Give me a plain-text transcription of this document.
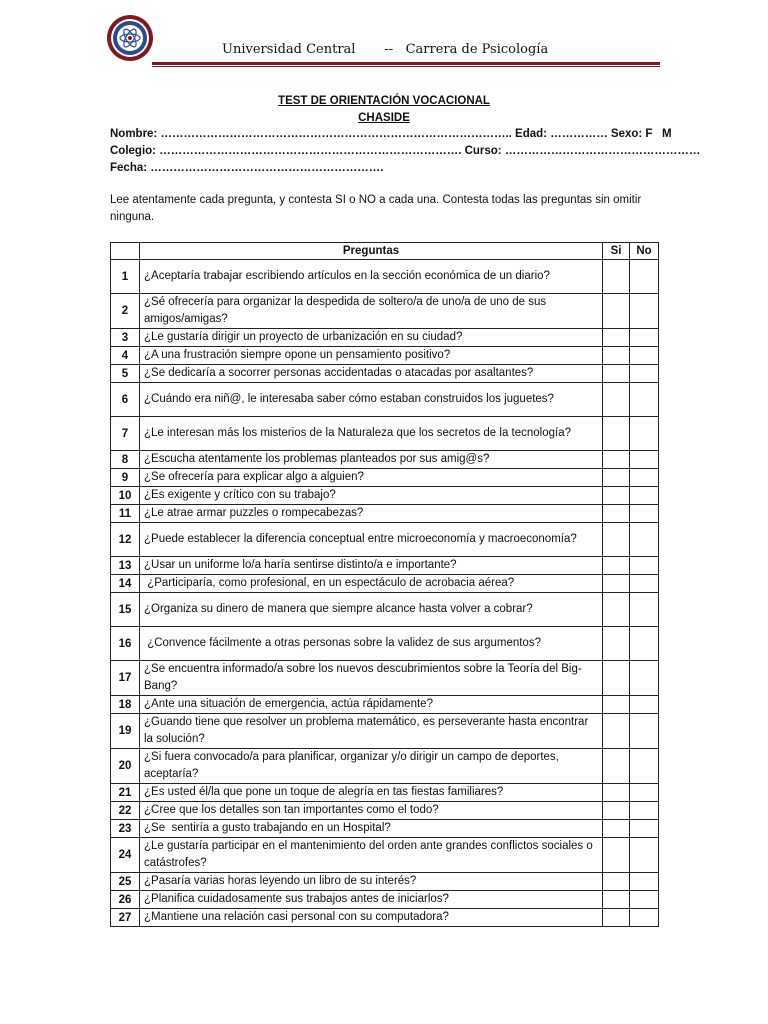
Universidad Central -- Carrera de Psicología
TEST DE ORIENTACIÓN VOCACIONAL
CHASIDE
Nombre: ……………………………………………………………………………….. Edad: …………… Sexo: F   M
Colegio: ……………………………………………………………………. Curso: ……………………………………………
Fecha: …………………………………………………….
Lee atentamente cada pregunta, y contesta SI o NO a cada una. Contesta todas las preguntas sin omitir ninguna.
	Preguntas	Si	No
1	¿Aceptaría trabajar escribiendo artículos en la sección económica de un diario?		
2	¿Sé ofrecería para organizar la despedida de soltero/a de uno/a de uno de sus amigos/amigas?		
3	¿Le gustaría dirigir un proyecto de urbanización en su ciudad?		
4	¿A una frustración siempre opone un pensamiento positivo?		
5	¿Se dedicaría a socorrer personas accidentadas o atacadas por asaltantes?		
6	¿Cuándo era niñ@, le interesaba saber cómo estaban construidos los juguetes?		
7	¿Le interesan más los misterios de la Naturaleza que los secretos de la tecnología?		
8	¿Escucha atentamente los problemas planteados por sus amig@s?		
9	¿Se ofrecería para explicar algo a alguien?		
10	¿Es exigente y crítico con su trabajo?		
11	¿Le atrae armar puzzles o rompecabezas?		
12	¿Puede establecer la diferencia conceptual entre microeconomía y macroeconomía?		
13	¿Usar un uniforme lo/a haría sentirse distinto/a e importante?		
14	¿Participaría, como profesional, en un espectáculo de acrobacia aérea?		
15	¿Organiza su dinero de manera que siempre alcance hasta volver a cobrar?		
16	¿Convence fácilmente a otras personas sobre la validez de sus argumentos?		
17	¿Se encuentra informado/a sobre los nuevos descubrimientos sobre la Teoría del Big- Bang?		
18	¿Ante una situación de emergencia, actúa rápidamente?		
19	¿Guando tiene que resolver un problema matemático, es perseverante hasta encontrar la solución?		
20	¿Si fuera convocado/a para planificar, organizar y/o dirigir un campo de deportes, aceptaría?		
21	¿Es usted él/la que pone un toque de alegría en tas fiestas familiares?		
22	¿Cree que los detalles son tan importantes como el todo?		
23	¿Se  sentiría a gusto trabajando en un Hospital?		
24	¿Le gustaría participar en el mantenimiento del orden ante grandes conflictos sociales o catástrofes?		
25	¿Pasaría varias horas leyendo un libro de su interés?		
26	¿Planifica cuidadosamente sus trabajos antes de iniciarlos?		
27	¿Mantiene una relación casi personal con su computadora?		
